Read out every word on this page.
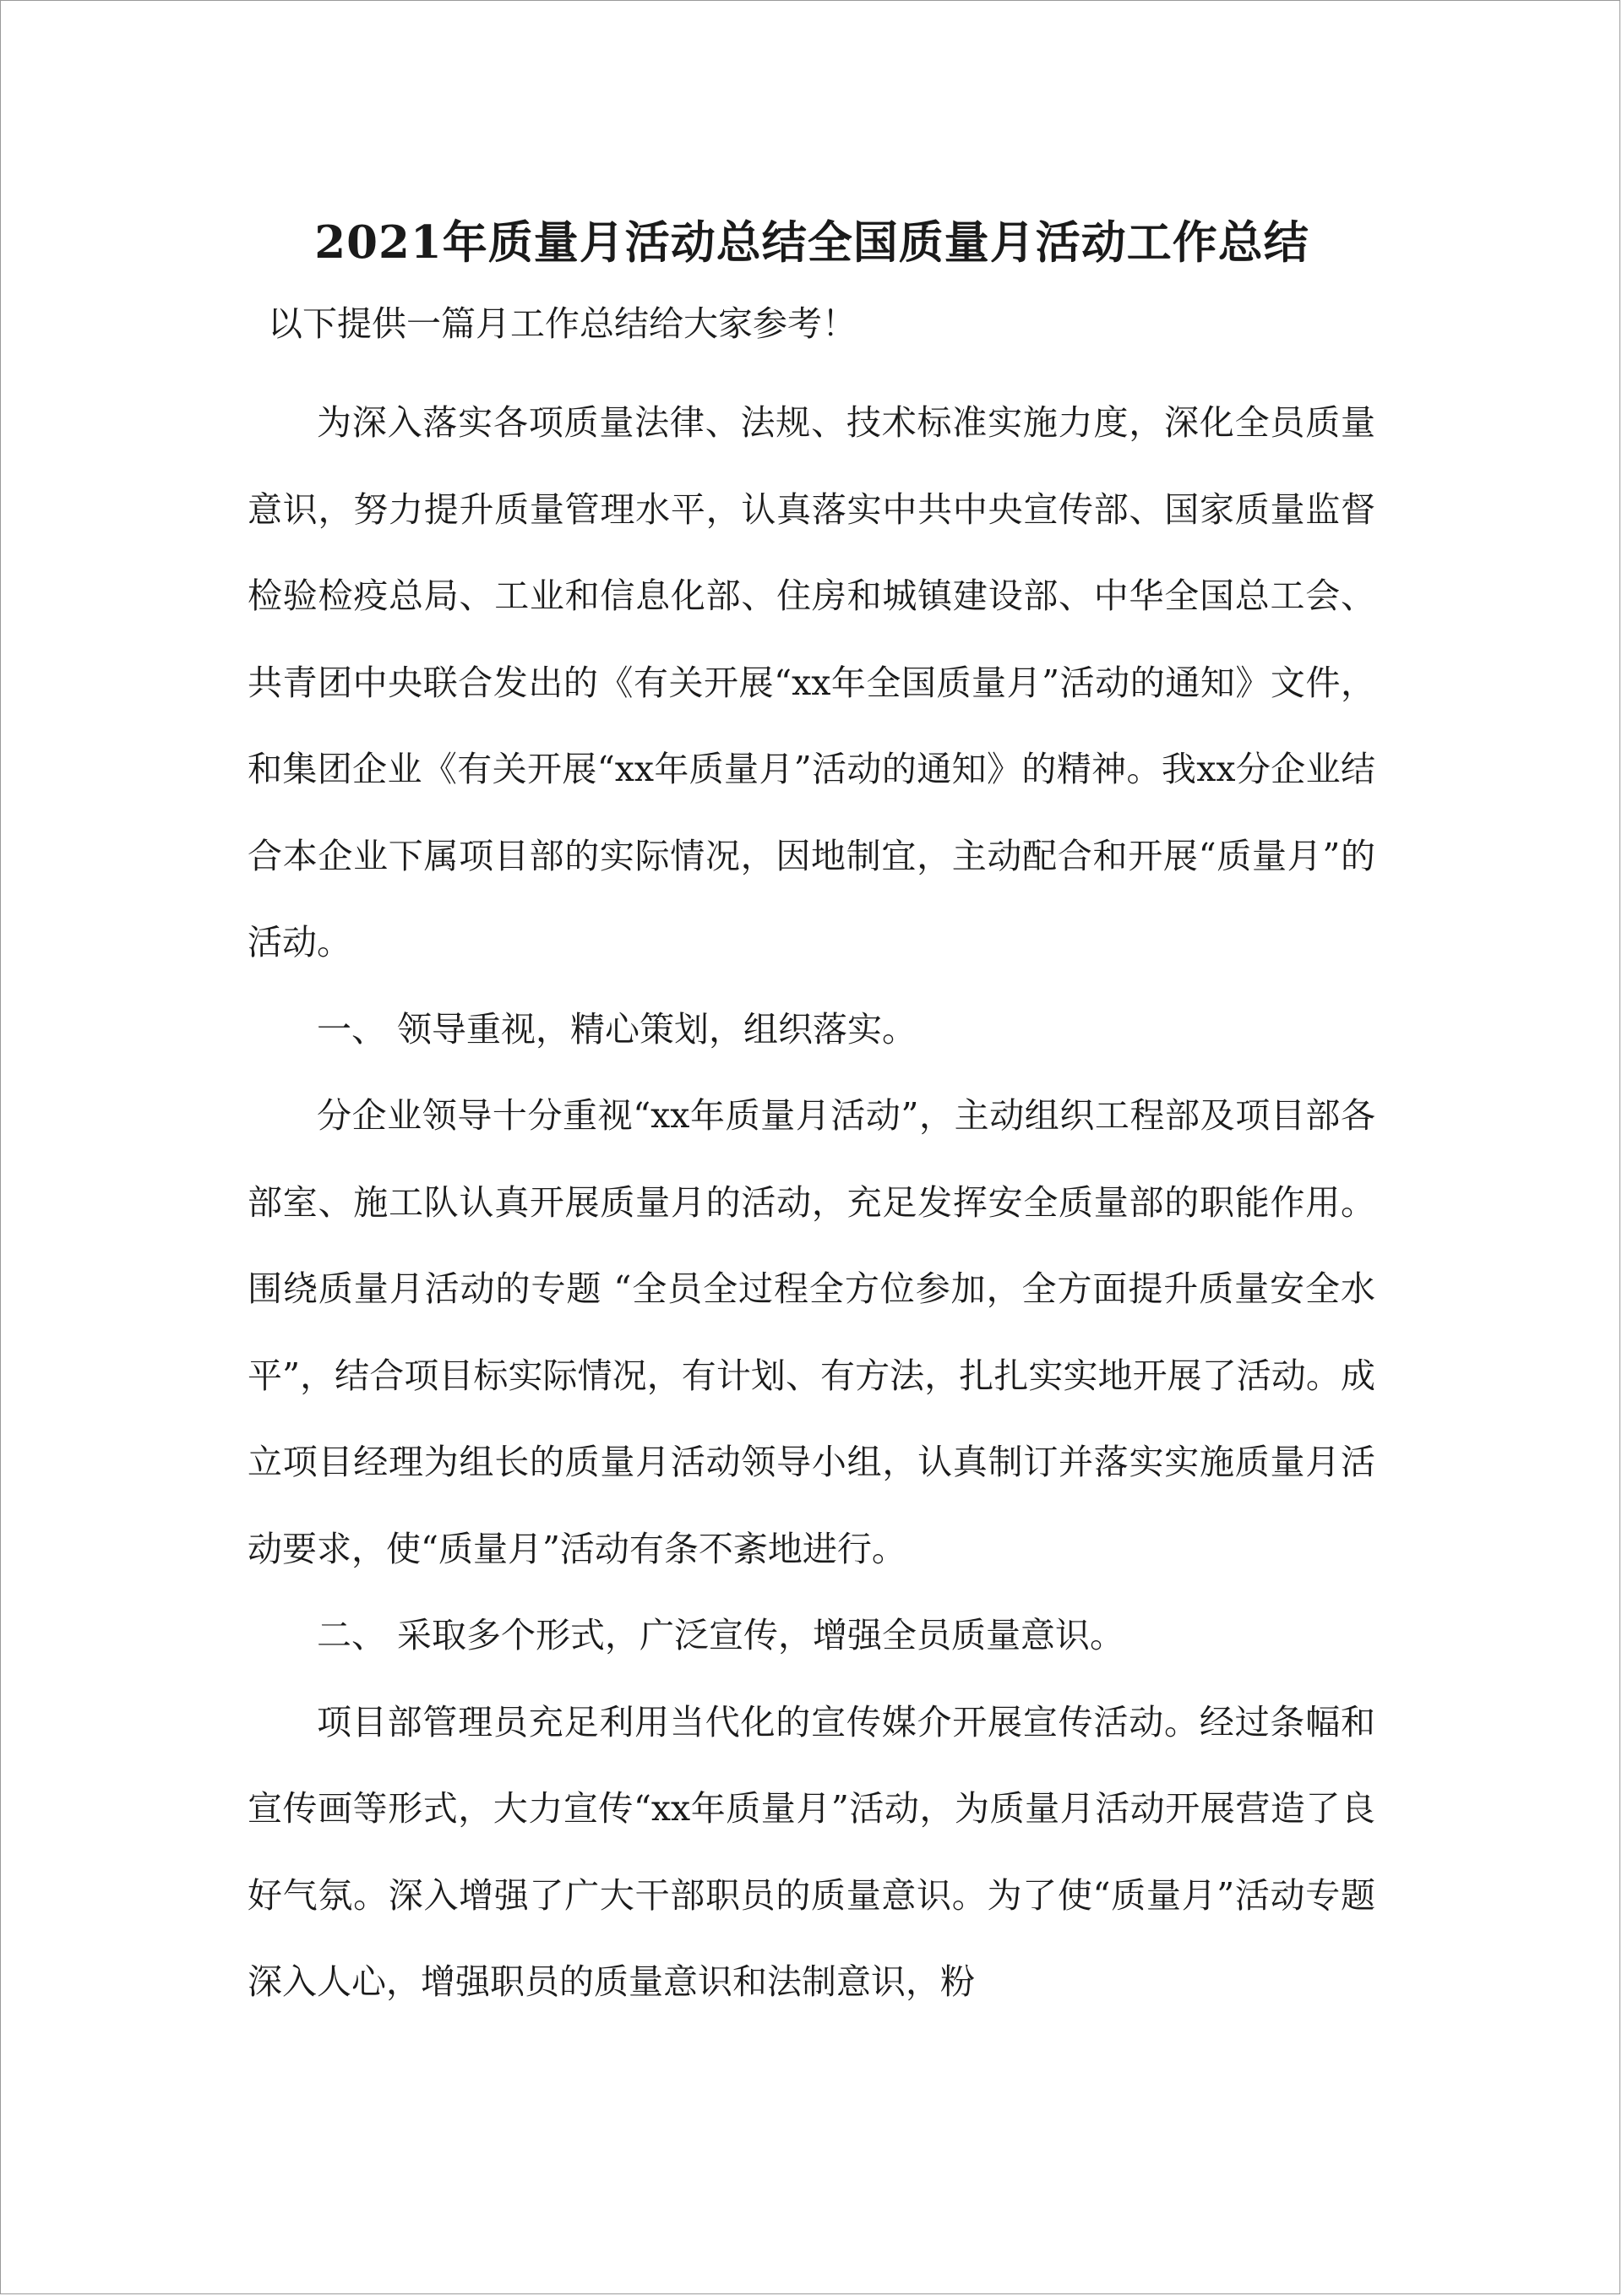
2021年质量月活动总结全国质量月活动工作总结
以下提供一篇月工作总结给大家参考！

为深入落实各项质量法律、法规、技术标准实施力度，深化全员质量意识，努力提升质量管理水平，认真落实中共中央宣传部、国家质量监督检验检疫总局、工业和信息化部、住房和城镇建设部、中华全国总工会、共青团中央联合发出的《有关开展“xx年全国质量月”活动的通知》文件，和集团企业《有关开展“xx年质量月”活动的通知》的精神。我xx分企业结合本企业下属项目部的实际情况，因地制宜，主动配合和开展“质量月”的活动。

一、 领导重视，精心策划，组织落实。

分企业领导十分重视“xx年质量月活动”，主动组织工程部及项目部各部室、施工队认真开展质量月的活动，充足发挥安全质量部的职能作用。围绕质量月活动的专题 “全员全过程全方位参加，全方面提升质量安全水平”，结合项目标实际情况，有计划、有方法，扎扎实实地开展了活动。成立项目经理为组长的质量月活动领导小组，认真制订并落实实施质量月活动要求，使“质量月”活动有条不紊地进行。

二、 采取多个形式，广泛宣传，增强全员质量意识。

项目部管理员充足利用当代化的宣传媒介开展宣传活动。经过条幅和宣传画等形式，大力宣传“xx年质量月”活动，为质量月活动开展营造了良好气氛。深入增强了广大干部职员的质量意识。为了使“质量月”活动专题深入人心，增强职员的质量意识和法制意识，粉
